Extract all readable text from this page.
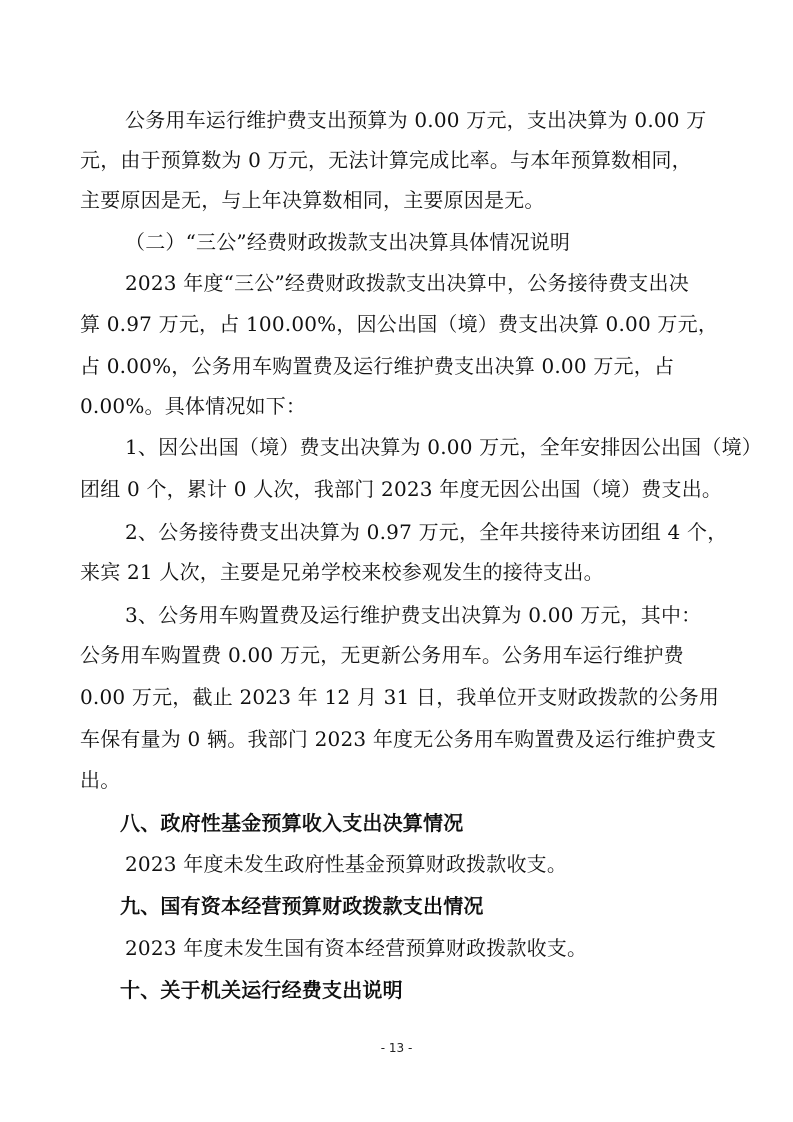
公务用车运行维护费支出预算为 0.00 万元，支出决算为 0.00 万
元，由于预算数为 0 万元，无法计算完成比率。与本年预算数相同，
主要原因是无，与上年决算数相同，主要原因是无。
（二）“三公”经费财政拨款支出决算具体情况说明
2023 年度“三公”经费财政拨款支出决算中，公务接待费支出决
算 0.97 万元，占 100.00%，因公出国（境）费支出决算 0.00 万元，
占 0.00%，公务用车购置费及运行维护费支出决算 0.00 万元，占
0.00%。具体情况如下：
1、因公出国（境）费支出决算为 0.00 万元，全年安排因公出国（境）
团组 0 个，累计 0 人次，我部门 2023 年度无因公出国（境）费支出。
2、公务接待费支出决算为 0.97 万元，全年共接待来访团组 4 个，
来宾 21 人次，主要是兄弟学校来校参观发生的接待支出。
3、公务用车购置费及运行维护费支出决算为 0.00 万元，其中：
公务用车购置费 0.00 万元，无更新公务用车。公务用车运行维护费
0.00 万元，截止 2023 年 12 月 31 日，我单位开支财政拨款的公务用
车保有量为 0 辆。我部门 2023 年度无公务用车购置费及运行维护费支
出。
八、政府性基金预算收入支出决算情况
2023 年度未发生政府性基金预算财政拨款收支。
九、国有资本经营预算财政拨款支出情况
2023 年度未发生国有资本经营预算财政拨款收支。
十、关于机关运行经费支出说明
- 13 -
